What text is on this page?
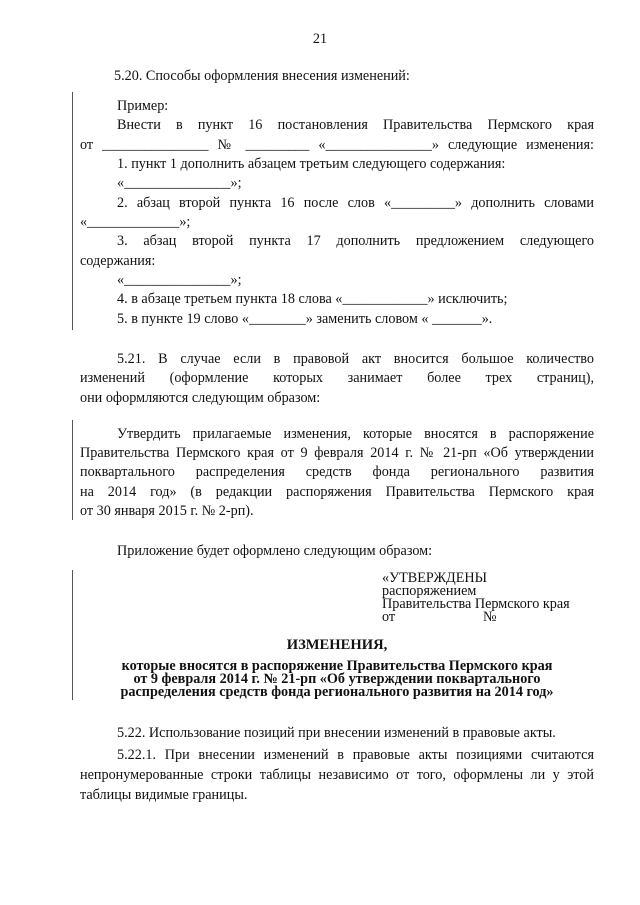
21
5.20. Способы оформления внесения изменений:
Пример:
Внести в пункт 16 постановления Правительства Пермского края
от _______________ № _________ «_______________» следующие изменения:
1. пункт 1 дополнить абзацем третьим следующего содержания:
«_______________»;
2. абзац второй пункта 16 после слов «_________» дополнить словами
«_____________»;
3. абзац второй пункта 17 дополнить предложением следующего
содержания:
«_______________»;
4. в абзаце третьем пункта 18 слова «____________» исключить;
5. в пункте 19 слово «________» заменить словом « _______».
5.21. В случае если в правовой акт вносится большое количество
изменений (оформление которых занимает более трех страниц),
они оформляются следующим образом:
Утвердить прилагаемые изменения, которые вносятся в распоряжение
Правительства Пермского края от 9 февраля 2014 г. № 21-рп «Об утверждении
поквартального распределения средств фонда регионального развития
на 2014 год» (в редакции распоряжения Правительства Пермского края
от 30 января 2015 г. № 2-рп).
Приложение будет оформлено следующим образом:
«УТВЕРЖДЕНЫ
распоряжением
Правительства Пермского края
от	№
ИЗМЕНЕНИЯ,
которые вносятся в распоряжение Правительства Пермского края
от 9 февраля 2014 г. № 21-рп «Об утверждении поквартального
распределения средств фонда регионального развития на 2014 год»
5.22. Использование позиций при внесении изменений в правовые акты.
5.22.1. При внесении изменений в правовые акты позициями считаются
непронумерованные строки таблицы независимо от того, оформлены ли у этой
таблицы видимые границы.
